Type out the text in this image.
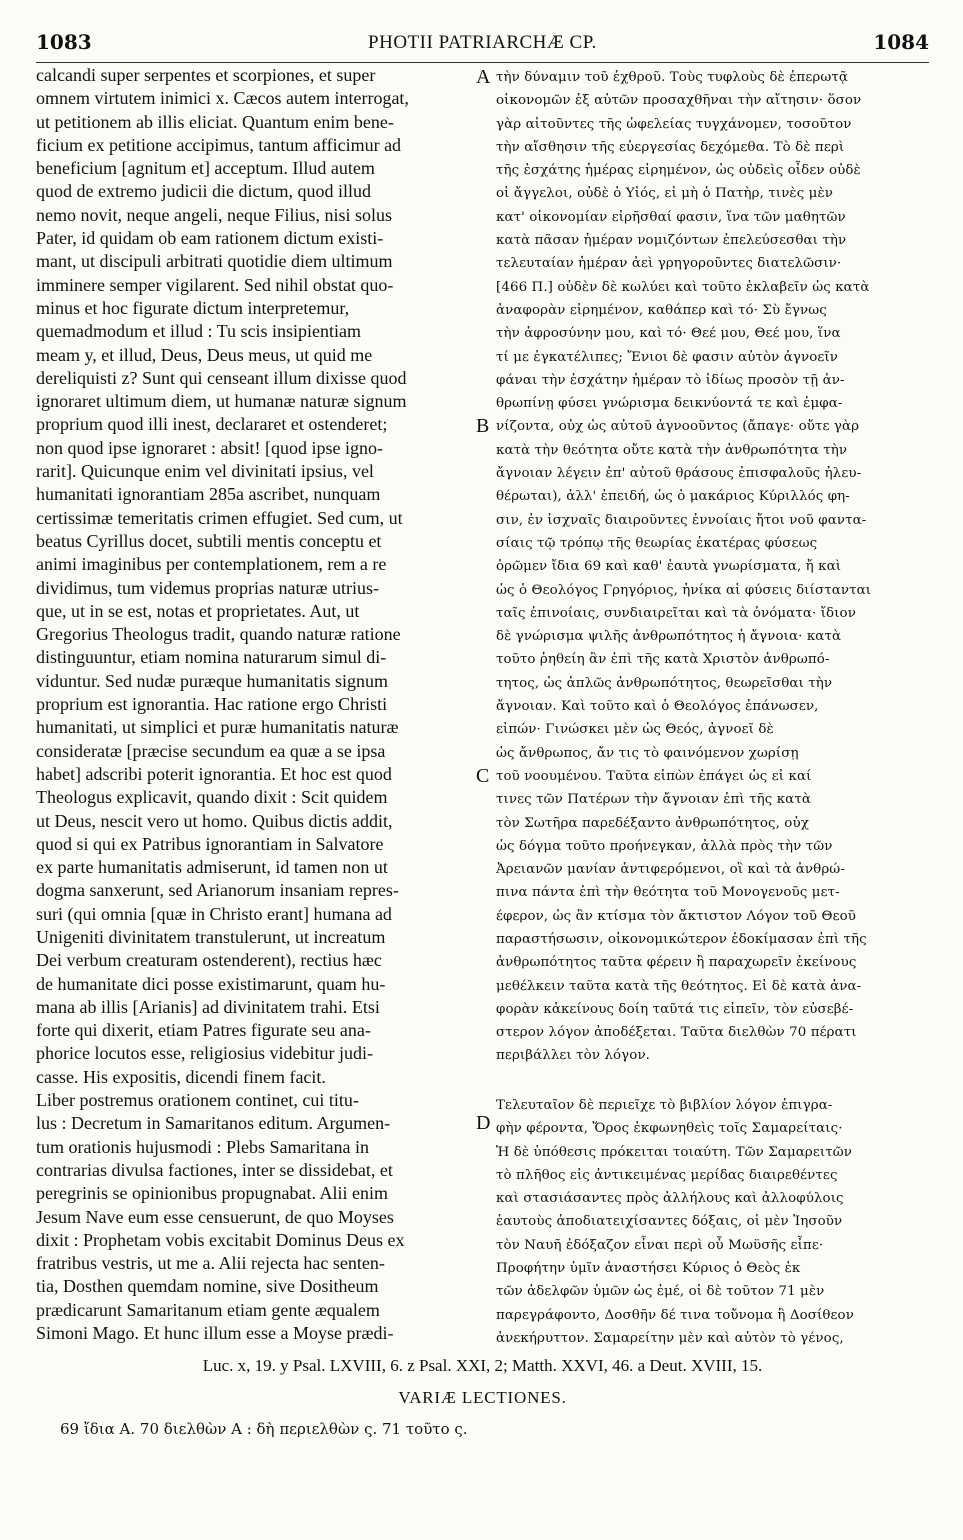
1083	PHOTII PATRIARCHÆ CP.	1084
calcandi super serpentes et scorpiones, et super
omnem virtutem inimici x. Cæcos autem interrogat,
ut petitionem ab illis eliciat. Quantum enim bene-
ficium ex petitione accipimus, tantum afficimur ad
beneficium [agnitum et] acceptum. Illud autem
quod de extremo judicii die dictum, quod illud
nemo novit, neque angeli, neque Filius, nisi solus
Pater, id quidam ob eam rationem dictum existi-
mant, ut discipuli arbitrati quotidie diem ultimum
imminere semper vigilarent. Sed nihil obstat quo-
minus et hoc figurate dictum interpretemur,
quemadmodum et illud : Tu scis insipientiam
meam y, et illud, Deus, Deus meus, ut quid me
dereliquisti z? Sunt qui censeant illum dixisse quod
ignoraret ultimum diem, ut humanæ naturæ signum
proprium quod illi inest, declararet et ostenderet;
non quod ipse ignoraret : absit! [quod ipse igno-
rarit]. Quicunque enim vel divinitati ipsius, vel
humanitati ignorantiam 285a ascribet, nunquam
certissimæ temeritatis crimen effugiet. Sed cum, ut
beatus Cyrillus docet, subtili mentis conceptu et
animi imaginibus per contemplationem, rem a re
dividimus, tum videmus proprias naturæ utrius-
que, ut in se est, notas et proprietates. Aut, ut
Gregorius Theologus tradit, quando naturæ ratione
distinguuntur, etiam nomina naturarum simul di-
viduntur. Sed nudæ puræque humanitatis signum
proprium est ignorantia. Hac ratione ergo Christi
humanitati, ut simplici et puræ humanitatis naturæ
consideratæ [præcise secundum ea quæ a se ipsa
habet] adscribi poterit ignorantia. Et hoc est quod
Theologus explicavit, quando dixit : Scit quidem
ut Deus, nescit vero ut homo. Quibus dictis addit,
quod si qui ex Patribus ignorantiam in Salvatore
ex parte humanitatis admiserunt, id tamen non ut
dogma sanxerunt, sed Arianorum insaniam repres-
suri (qui omnia [quæ in Christo erant] humana ad
Unigeniti divinitatem transtulerunt, ut increatum
Dei verbum creaturam ostenderent), rectius hæc
de humanitate dici posse existimarunt, quam hu-
mana ab illis [Arianis] ad divinitatem trahi. Etsi
forte qui dixerit, etiam Patres figurate seu ana-
phorice locutos esse, religiosius videbitur judi-
casse. His expositis, dicendi finem facit.
Liber postremus orationem continet, cui titu-
lus : Decretum in Samaritanos editum. Argumen-
tum orationis hujusmodi : Plebs Samaritana in
contrarias divulsa factiones, inter se dissidebat, et
peregrinis se opinionibus propugnabat. Alii enim
Jesum Nave eum esse censuerunt, de quo Moyses
dixit : Prophetam vobis excitabit Dominus Deus ex
fratribus vestris, ut me a. Alii rejecta hac senten-
tia, Dosthen quemdam nomine, sive Dositheum
prædicarunt Samaritanum etiam gente æqualem
Simoni Mago. Et hunc illum esse a Moyse prædi-
τὴν δύναμιν τοῦ ἐχθροῦ. Τοὺς τυφλοὺς δὲ ἐπερωτᾷ
οἰκονομῶν ἐξ αὐτῶν προσαχθῆναι τὴν αἴτησιν· ὅσον
γὰρ αἰτοῦντες τῆς ὠφελείας τυγχάνομεν, τοσοῦτον
τὴν αἴσθησιν τῆς εὐεργεσίας δεχόμεθα. Τὸ δὲ περὶ
τῆς ἐσχάτης ἡμέρας εἰρημένον, ὡς οὐδεὶς οἶδεν οὐδὲ
οἱ ἄγγελοι, οὐδὲ ὁ Υἱός, εἰ μὴ ὁ Πατὴρ, τινὲς μὲν
κατ' οἰκονομίαν εἰρῆσθαί φασιν, ἵνα τῶν μαθητῶν
κατὰ πᾶσαν ἡμέραν νομιζόντων ἐπελεύσεσθαι τὴν
τελευταίαν ἡμέραν ἀεὶ γρηγοροῦντες διατελῶσιν·
[466 Π.] οὐδὲν δὲ κωλύει καὶ τοῦτο ἐκλαβεῖν ὡς κατὰ
ἀναφορὰν εἰρημένον, καθάπερ καὶ τό· Σὺ ἔγνως
τὴν ἀφροσύνην μου, καὶ τό· Θεέ μου, Θεέ μου, ἵνα
τί με ἐγκατέλιπες; Ἔνιοι δὲ φασιν αὐτὸν ἀγνοεῖν
φάναι τὴν ἐσχάτην ἡμέραν τὸ ἰδίως προσὸν τῇ ἀν-
θρωπίνῃ φύσει γνώρισμα δεικνύοντά τε καὶ ἐμφα-
νίζοντα, οὐχ ὡς αὐτοῦ ἀγνοοῦντος (ἄπαγε· οὔτε γὰρ
κατὰ τὴν θεότητα οὔτε κατὰ τὴν ἀνθρωπότητα τὴν
ἄγνοιαν λέγειν ἐπ' αὐτοῦ θράσους ἐπισφαλοῦς ἠλευ-
θέρωται), ἀλλ' ἐπειδή, ὡς ὁ μακάριος Κύριλλός φη-
σιν, ἐν ἰσχναῖς διαιροῦντες ἐννοίαις ἤτοι νοῦ φαντα-
σίαις τῷ τρόπῳ τῆς θεωρίας ἑκατέρας φύσεως
ὁρῶμεν ἴδια 69 καὶ καθ' ἑαυτὰ γνωρίσματα, ἤ καὶ
ὡς ὁ Θεολόγος Γρηγόριος, ἡνίκα αἱ φύσεις διίστανται
ταῖς ἐπινοίαις, συνδιαιρεῖται καὶ τὰ ὀνόματα· ἴδιον
δὲ γνώρισμα ψιλῆς ἀνθρωπότητος ἡ ἄγνοια· κατὰ
τοῦτο ῥηθείη ἂν ἐπὶ τῆς κατὰ Χριστὸν ἀνθρωπό-
τητος, ὡς ἁπλῶς ἀνθρωπότητος, θεωρεῖσθαι τὴν
ἄγνοιαν. Καὶ τοῦτο καὶ ὁ Θεολόγος ἐπάνωσεν,
εἰπών· Γινώσκει μὲν ὡς Θεός, ἀγνοεῖ δὲ
ὡς ἄνθρωπος, ἄν τις τὸ φαινόμενον χωρίσῃ
τοῦ νοουμένου. Ταῦτα εἰπὼν ἐπάγει ὡς εἰ καί
τινες τῶν Πατέρων τὴν ἄγνοιαν ἐπὶ τῆς κατὰ
τὸν Σωτῆρα παρεδέξαντο ἀνθρωπότητος, οὐχ
ὡς δόγμα τοῦτο προήνεγκαν, ἀλλὰ πρὸς τὴν τῶν
Ἀρειανῶν μανίαν ἀντιφερόμενοι, οἳ καὶ τὰ ἀνθρώ-
πινα πάντα ἐπὶ τὴν θεότητα τοῦ Μονογενοῦς μετ-
έφερον, ὡς ἂν κτίσμα τὸν ἄκτιστον Λόγον τοῦ Θεοῦ
παραστήσωσιν, οἰκονομικώτερον ἐδοκίμασαν ἐπὶ τῆς
ἀνθρωπότητος ταῦτα φέρειν ἢ παραχωρεῖν ἐκείνους
μεθέλκειν ταῦτα κατὰ τῆς θεότητος. Εἰ δὲ κατὰ ἀνα-
φορὰν κἀκείνους δοίη ταῦτά τις εἰπεῖν, τὸν εὐσεβέ-
στερον λόγον ἀποδέξεται. Ταῦτα διελθὼν 70 πέρατι
περιβάλλει τὸν λόγον.
Τελευταῖον δὲ περιεῖχε τὸ βιβλίον λόγον ἐπιγρα-
φὴν φέροντα, Ὅρος ἐκφωνηθεὶς τοῖς Σαμαρείταις·
Ἡ δὲ ὑπόθεσις πρόκειται τοιαύτη. Τῶν Σαμαρειτῶν
τὸ πλῆθος εἰς ἀντικειμένας μερίδας διαιρεθέντες
καὶ στασιάσαντες πρὸς ἀλλήλους καὶ ἀλλοφύλοις
ἑαυτοὺς ἀποδιατειχίσαντες δόξαις, οἱ μὲν Ἰησοῦν
τὸν Ναυῆ ἐδόξαζον εἶναι περὶ οὗ Μωϋσῆς εἶπε·
Προφήτην ὑμῖν ἀναστήσει Κύριος ὁ Θεὸς ἐκ
τῶν ἀδελφῶν ὑμῶν ὡς ἐμέ, οἱ δὲ τοῦτον 71 μὲν
παρεγράφοντο, Δοσθῆν δέ τινα τοὔνομα ἢ Δοσίθεον
ἀνεκήρυττον. Σαμαρείτην μὲν καὶ αὐτὸν τὸ γένος,
A
B
C
D
Luc. x, 19. y Psal. LXVIII, 6. z Psal. XXI, 2; Matth. XXVI, 46. a Deut. XVIII, 15.
VARIÆ LECTIONES.
69 ἴδια A. 70 διελθὼν A : δὴ περιελθὼν ς. 71 τοῦτο ς.
